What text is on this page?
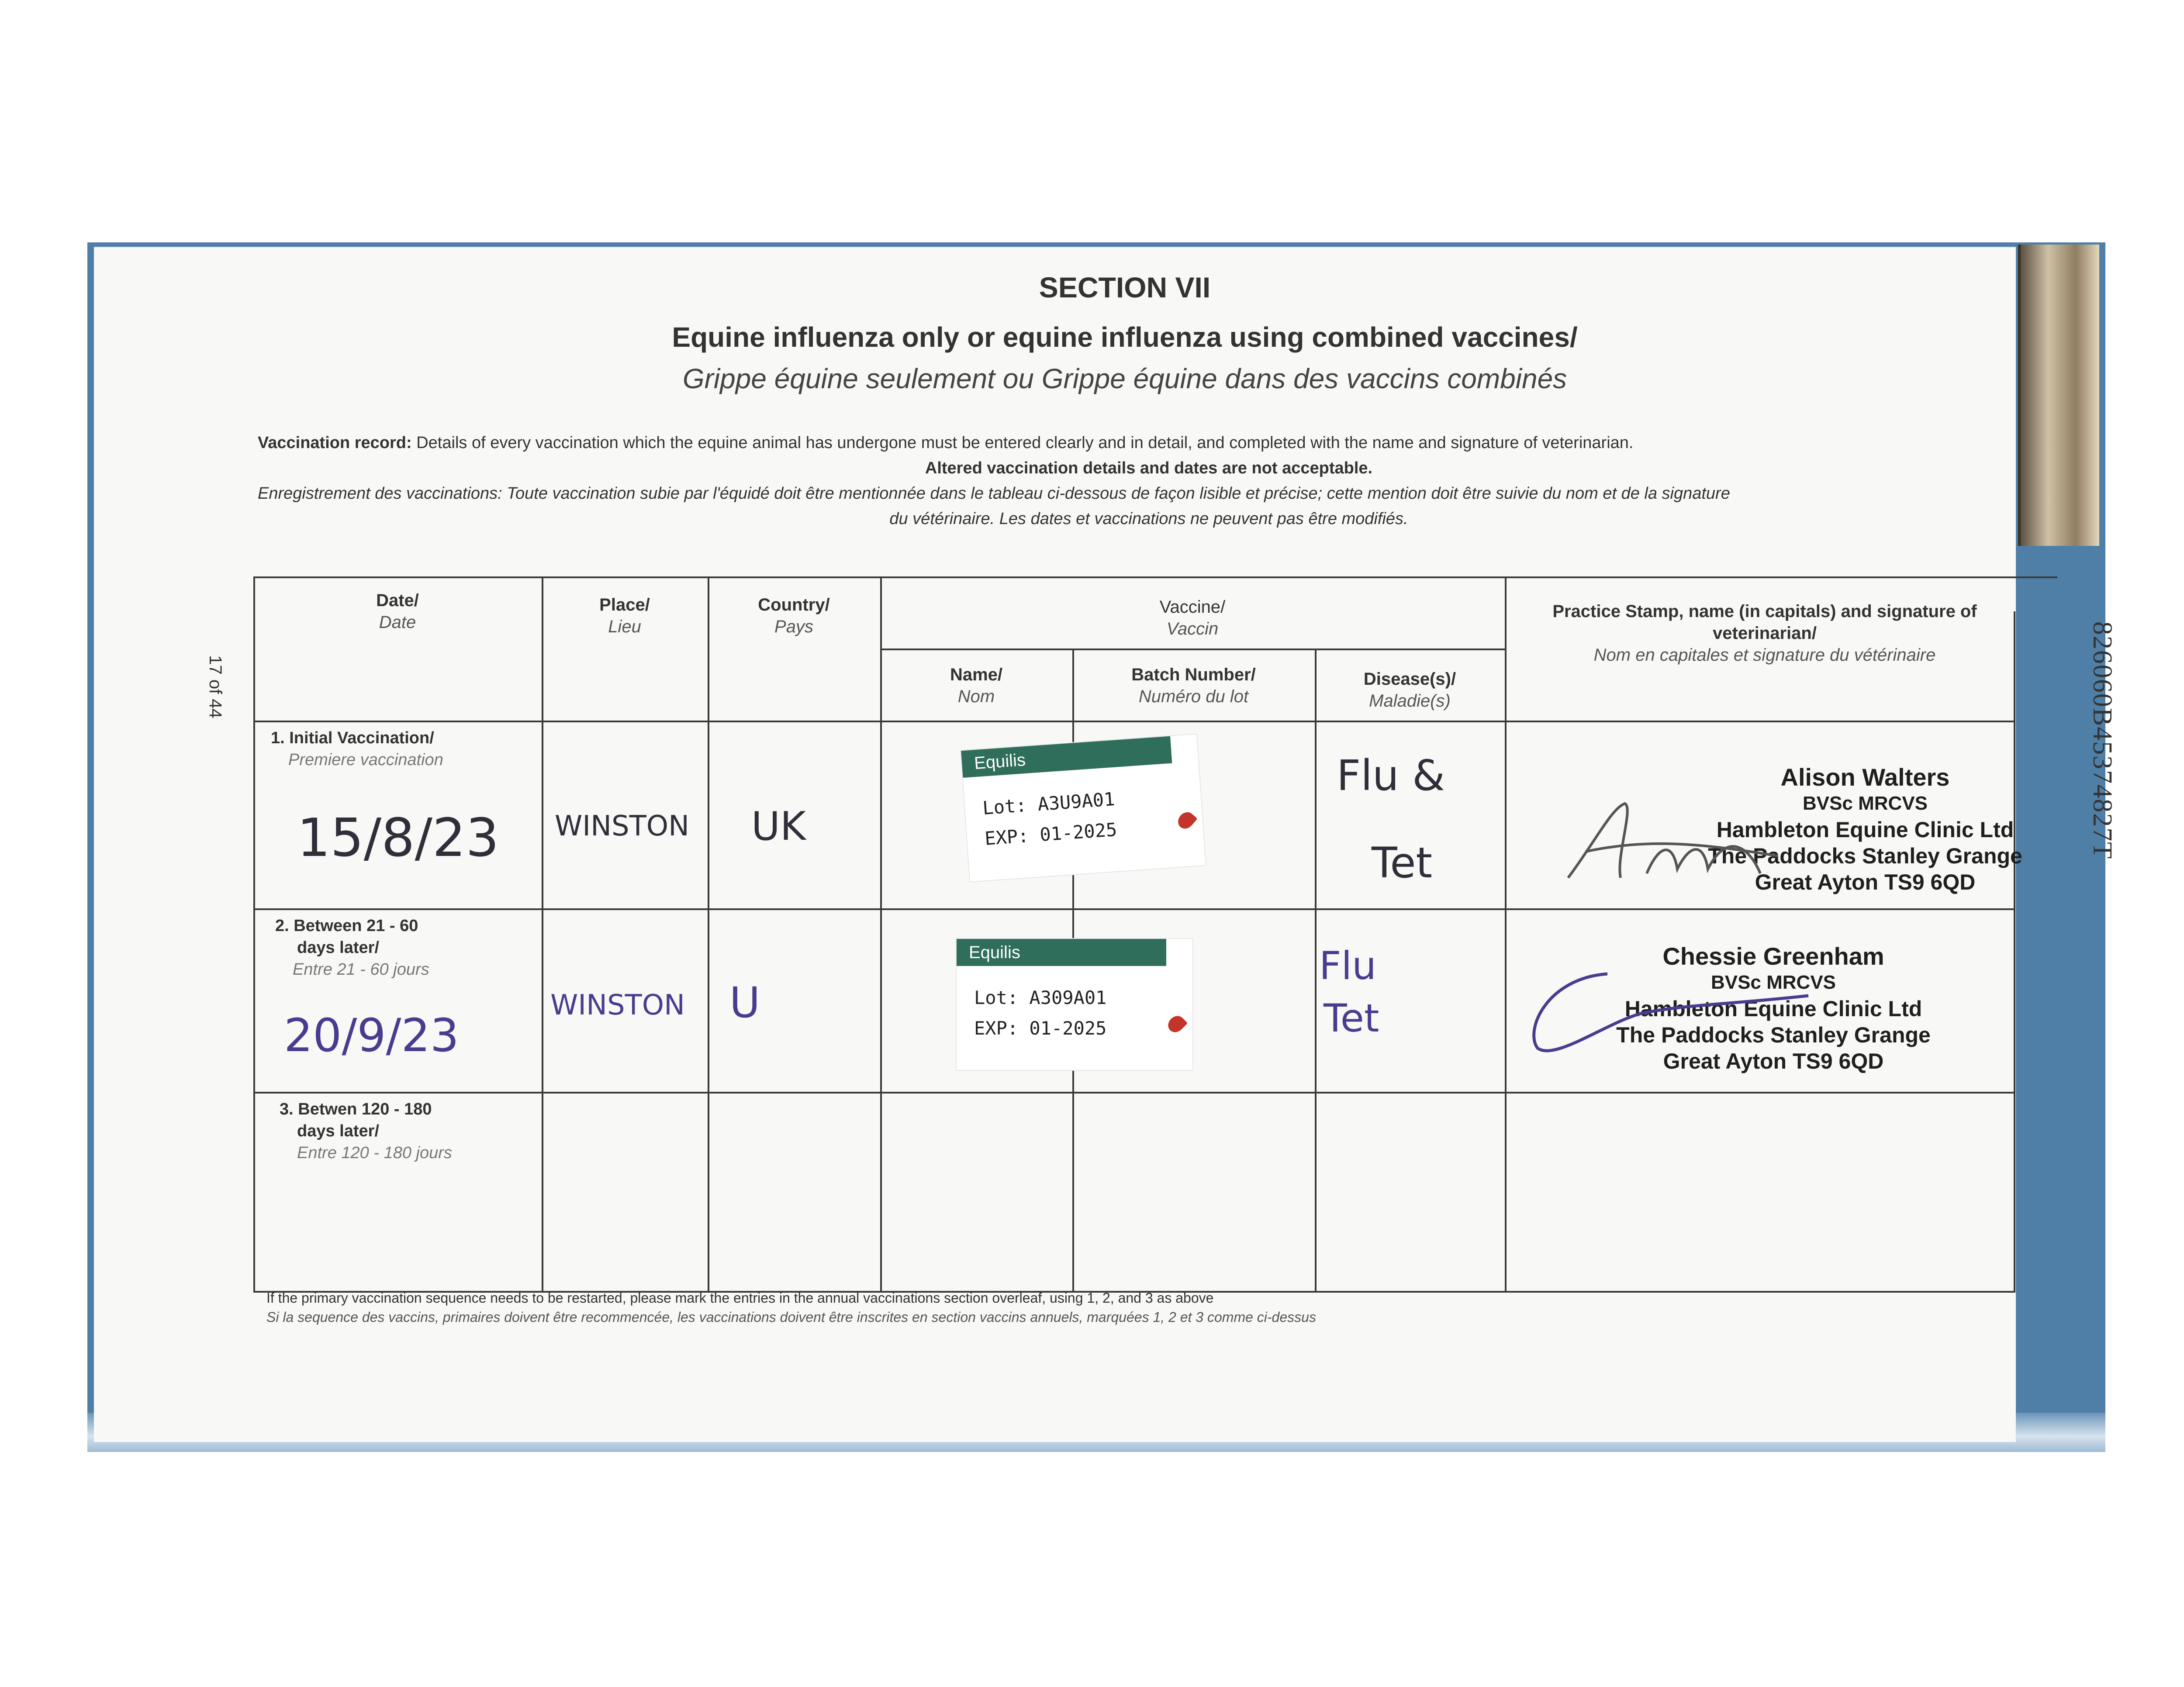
17 of 44	826060B45374827T
SECTION VII
Equine influenza only or equine influenza using combined vaccines/
Grippe équine seulement ou Grippe équine dans des vaccins combinés
Vaccination record: Details of every vaccination which the equine animal has undergone must be entered clearly and in detail, and completed with the name and signature of veterinarian.
Altered vaccination details and dates are not acceptable.
Enregistrement des vaccinations: Toute vaccination subie par l'équidé doit être mentionnée dans le tableau ci-dessous de façon lisible et précise; cette mention doit être suivie du nom et de la signature
du vétérinaire. Les dates et vaccinations ne peuvent pas être modifiés.
Date/
Date
Place/
Lieu
Country/
Pays
Vaccine/
Vaccin
Name/
Nom
Batch Number/
Numéro du lot
Disease(s)/
Maladie(s)
Practice Stamp, name (in capitals) and signature of veterinarian/
Nom en capitales et signature du vétérinaire
1. Initial Vaccination/
Premiere vaccination
2. Between 21 - 60
days later/
Entre 21 - 60 jours
3. Betwen 120 - 180
days later/
Entre 120 - 180 jours
15/8/23 WINSTON UK
Flu &
Tet
Equilis
Lot: A3U9A01
EXP: 01-2025
Alison Walters
BVSc MRCVS
Hambleton Equine Clinic Ltd
The Paddocks Stanley Grange
Great Ayton TS9 6QD
20/9/23
WINSTON U
Flu
Tet
Equilis
Lot: A309A01
EXP: 01-2025
Chessie Greenham
BVSc MRCVS
Hambleton Equine Clinic Ltd
The Paddocks Stanley Grange
Great Ayton TS9 6QD
If the primary vaccination sequence needs to be restarted, please mark the entries in the annual vaccinations section overleaf, using 1, 2, and 3 as above
Si la sequence des vaccins, primaires doivent être recommencée, les vaccinations doivent être inscrites en section vaccins annuels, marquées 1, 2 et 3 comme ci-dessus
